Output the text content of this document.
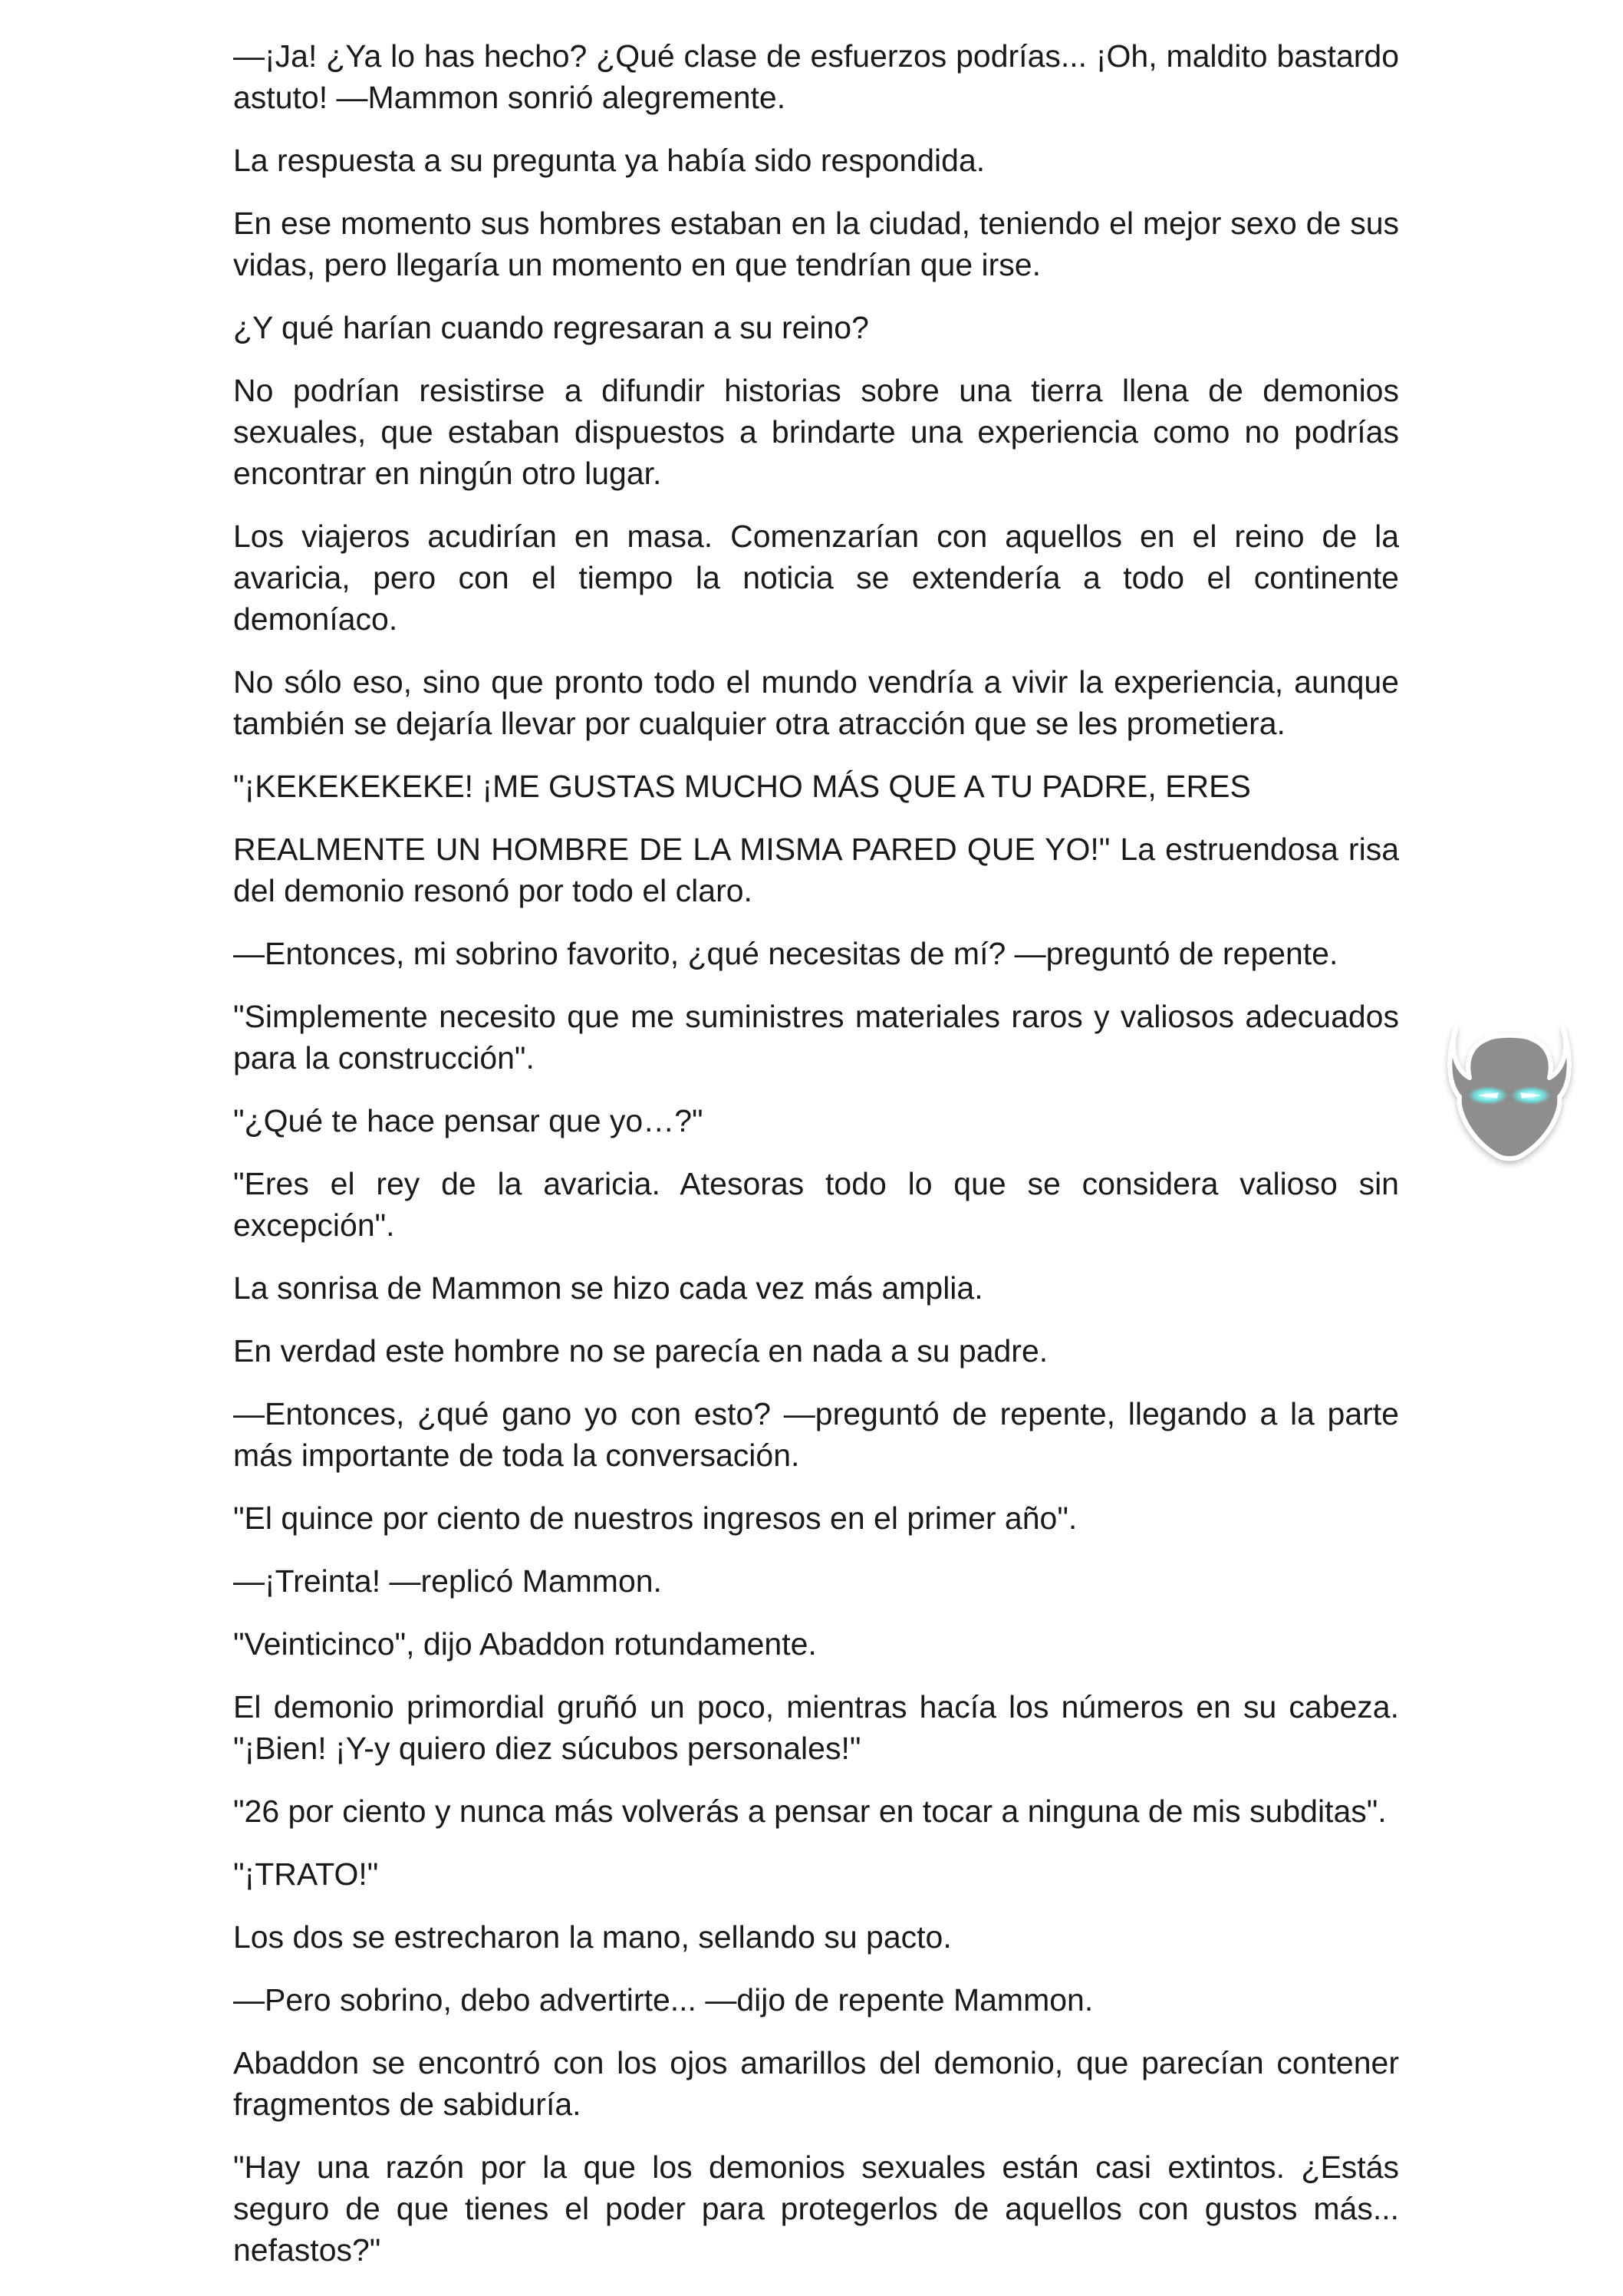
—¡Ja! ¿Ya lo has hecho? ¿Qué clase de esfuerzos podrías... ¡Oh, maldito bastardo astuto! —Mammon sonrió alegremente.

La respuesta a su pregunta ya había sido respondida.

En ese momento sus hombres estaban en la ciudad, teniendo el mejor sexo de sus vidas, pero llegaría un momento en que tendrían que irse.

¿Y qué harían cuando regresaran a su reino?

No podrían resistirse a difundir historias sobre una tierra llena de demonios sexuales, que estaban dispuestos a brindarte una experiencia como no podrías encontrar en ningún otro lugar.

Los viajeros acudirían en masa. Comenzarían con aquellos en el reino de la avaricia, pero con el tiempo la noticia se extendería a todo el continente demoníaco.

No sólo eso, sino que pronto todo el mundo vendría a vivir la experiencia, aunque también se dejaría llevar por cualquier otra atracción que se les prometiera.

"¡KEKEKEKEKE! ¡ME GUSTAS MUCHO MÁS QUE A TU PADRE, ERES

REALMENTE UN HOMBRE DE LA MISMA PARED QUE YO!" La estruendosa risa del demonio resonó por todo el claro.

—Entonces, mi sobrino favorito, ¿qué necesitas de mí? —preguntó de repente.

"Simplemente necesito que me suministres materiales raros y valiosos adecuados para la construcción".

"¿Qué te hace pensar que yo…?"

"Eres el rey de la avaricia. Atesoras todo lo que se considera valioso sin excepción".

La sonrisa de Mammon se hizo cada vez más amplia.

En verdad este hombre no se parecía en nada a su padre.

—Entonces, ¿qué gano yo con esto? —preguntó de repente, llegando a la parte más importante de toda la conversación.

"El quince por ciento de nuestros ingresos en el primer año".

—¡Treinta! —replicó Mammon.

"Veinticinco", dijo Abaddon rotundamente.

El demonio primordial gruñó un poco, mientras hacía los números en su cabeza. "¡Bien! ¡Y-y quiero diez súcubos personales!"

"26 por ciento y nunca más volverás a pensar en tocar a ninguna de mis subditas".

"¡TRATO!"

Los dos se estrecharon la mano, sellando su pacto.

—Pero sobrino, debo advertirte... —dijo de repente Mammon.

Abaddon se encontró con los ojos amarillos del demonio, que parecían contener fragmentos de sabiduría.

"Hay una razón por la que los demonios sexuales están casi extintos. ¿Estás seguro de que tienes el poder para protegerlos de aquellos con gustos más... nefastos?"
